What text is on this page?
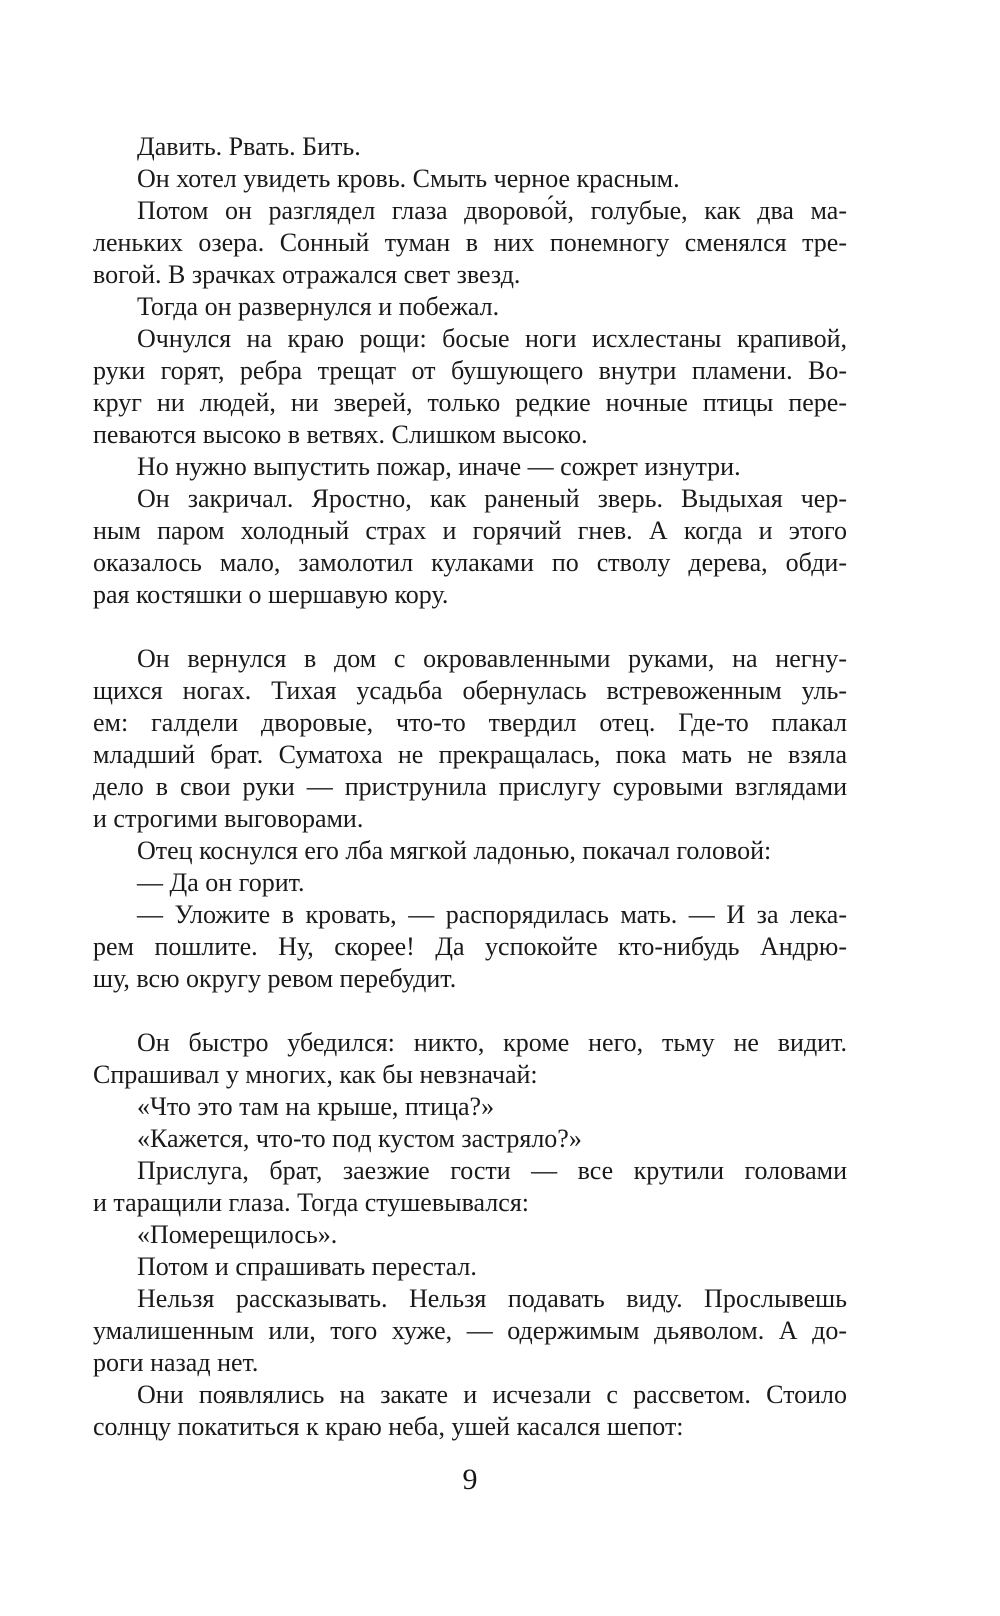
Давить. Рвать. Бить.
Он хотел увидеть кровь. Смыть черное красным.
Потом он разглядел глаза дворово́й, голубые, как два ма-
леньких озера. Сонный туман в них понемногу сменялся тре-
вогой. В зрачках отражался свет звезд.
Тогда он развернулся и побежал.
Очнулся на краю рощи: босые ноги исхлестаны крапивой,
руки горят, ребра трещат от бушующего внутри пламени. Во-
круг ни людей, ни зверей, только редкие ночные птицы пере-
певаются высоко в ветвях. Слишком высоко.
Но нужно выпустить пожар, иначе — сожрет изнутри.
Он закричал. Яростно, как раненый зверь. Выдыхая чер-
ным паром холодный страх и горячий гнев. А когда и этого
оказалось мало, замолотил кулаками по стволу дерева, обди-
рая костяшки о шершавую кору.
Он вернулся в дом с окровавленными руками, на негну-
щихся ногах. Тихая усадьба обернулась встревоженным уль-
ем: галдели дворовые, что-то твердил отец. Где-то плакал
младший брат. Суматоха не прекращалась, пока мать не взяла
дело в свои руки — приструнила прислугу суровыми взглядами
и строгими выговорами.
Отец коснулся его лба мягкой ладонью, покачал головой:
— Да он горит.
— Уложите в кровать, — распорядилась мать. — И за лека-
рем пошлите. Ну, скорее! Да успокойте кто-нибудь Андрю-
шу, всю округу ревом перебудит.
Он быстро убедился: никто, кроме него, тьму не видит.
Спрашивал у многих, как бы невзначай:
«Что это там на крыше, птица?»
«Кажется, что-то под кустом застряло?»
Прислуга, брат, заезжие гости — все крутили головами
и таращили глаза. Тогда стушевывался:
«Померещилось».
Потом и спрашивать перестал.
Нельзя рассказывать. Нельзя подавать виду. Прослывешь
умалишенным или, того хуже, — одержимым дьяволом. А до-
роги назад нет.
Они появлялись на закате и исчезали с рассветом. Стоило
солнцу покатиться к краю неба, ушей касался шепот:
9
